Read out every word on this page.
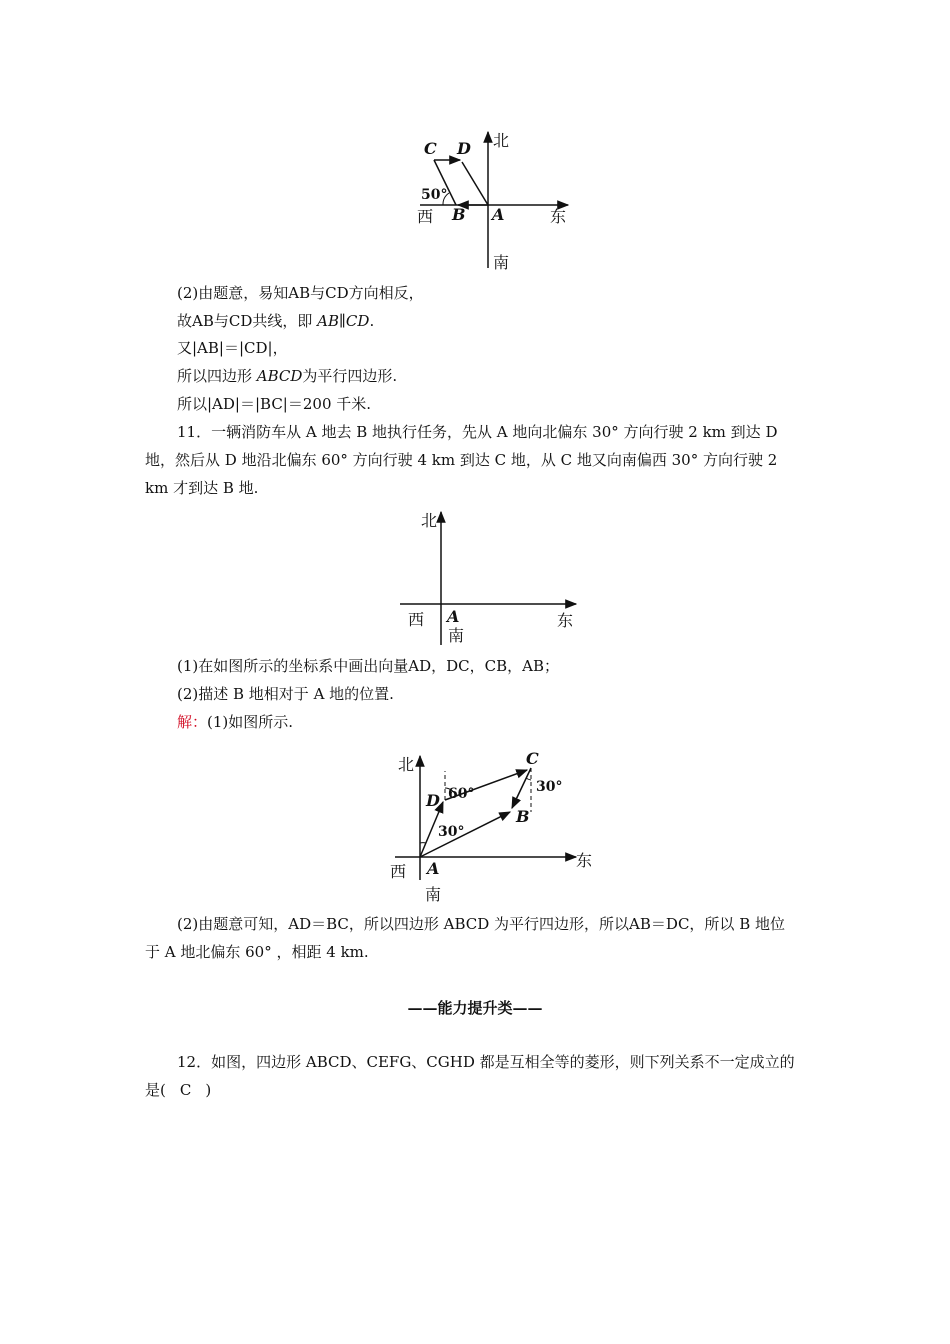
北
南
东
西	A
B
C D
50°
北
西	东
A
南
北
西
东
南
A
B
C
D 60°
30°
30°
(2)由题意，易知AB与CD方向相反，
故AB与CD共线，即 AB∥CD.
又|AB|＝|CD|，
所以四边形 ABCD为平行四边形.
所以|AD|＝|BC|＝200 千米.
11．一辆消防车从 A 地去 B 地执行任务，先从 A 地向北偏东 30° 方向行驶 2 km 到达 D
地，然后从 D 地沿北偏东 60° 方向行驶 4 km 到达 C 地，从 C 地又向南偏西 30° 方向行驶 2
km 才到达 B 地.
(1)在如图所示的坐标系中画出向量AD，DC，CB，AB；
(2)描述 B 地相对于 A 地的位置.
解：(1)如图所示.
(2)由题意可知，AD＝BC，所以四边形 ABCD 为平行四边形，所以AB＝DC，所以 B 地位
于 A 地北偏东 60° ，相距 4 km.
——能力提升类——
12．如图，四边形 ABCD、CEFG、CGHD 都是互相全等的菱形，则下列关系不一定成立的
是( C )
